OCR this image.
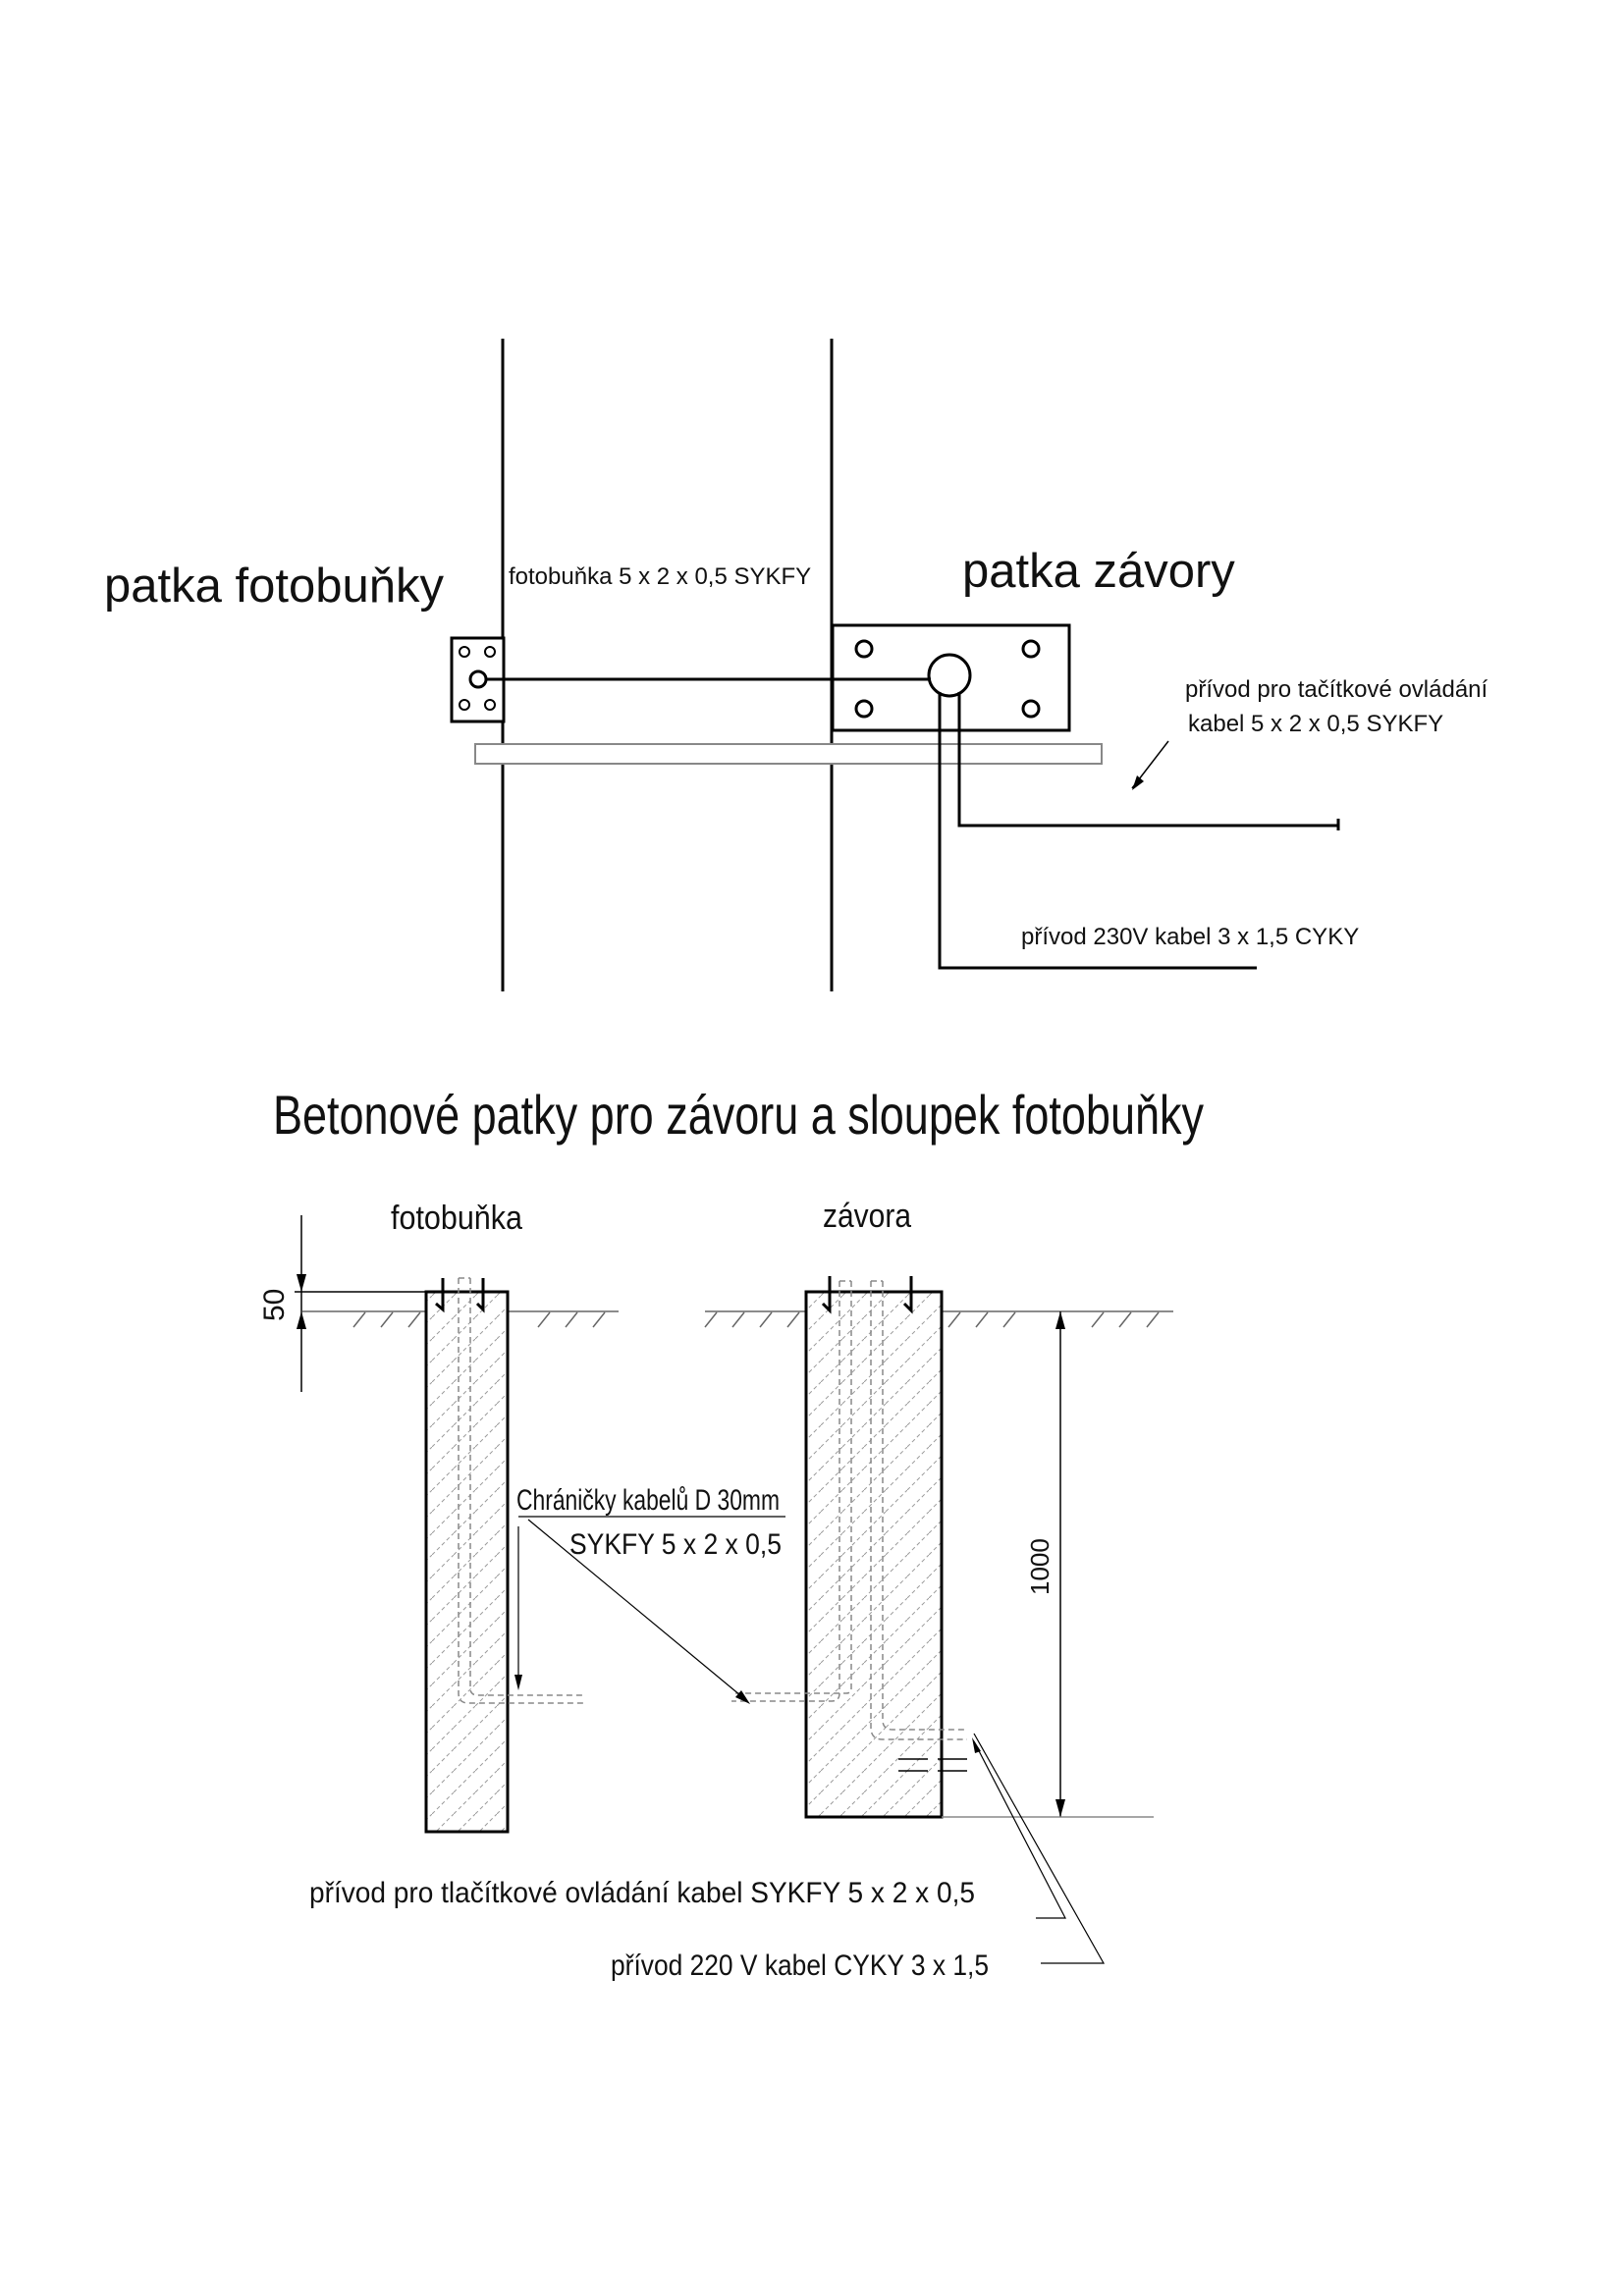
patka fotobuňky	patka závory
fotobuňka 5 x 2 x 0,5 SYKFY
přívod pro tačítkové ovládání
kabel 5 x 2 x 0,5 SYKFY
přívod 230V kabel 3 x 1,5 CYKY
Betonové patky pro závoru a sloupek fotobuňky
fotobuňka	závora
50
1000
Chráničky kabelů D 30mm
SYKFY 5 x 2 x 0,5
přívod pro tlačítkové ovládání kabel SYKFY 5 x 2 x 0,5
přívod 220 V kabel CYKY 3 x 1,5
